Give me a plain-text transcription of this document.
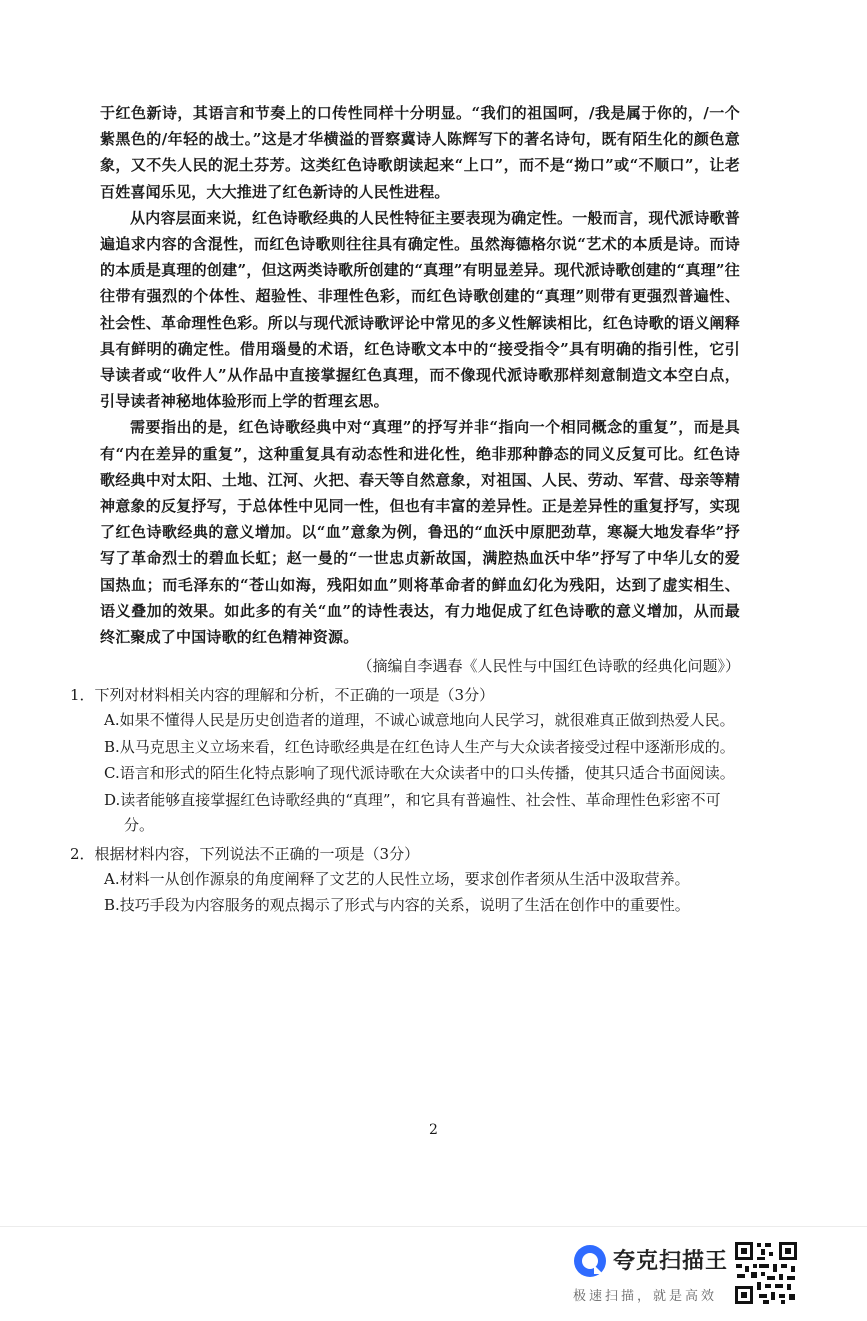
于红色新诗，其语言和节奏上的口传性同样十分明显。“我们的祖国呵，/我是属于你的，/一个紫黑色的/年轻的战士。”这是才华横溢的晋察冀诗人陈辉写下的著名诗句，既有陌生化的颜色意象，又不失人民的泥土芬芳。这类红色诗歌朗读起来“上口”，而不是“拗口”或“不顺口”，让老百姓喜闻乐见，大大推进了红色新诗的人民性进程。

从内容层面来说，红色诗歌经典的人民性特征主要表现为确定性。一般而言，现代派诗歌普遍追求内容的含混性，而红色诗歌则往往具有确定性。虽然海德格尔说“艺术的本质是诗。而诗的本质是真理的创建”，但这两类诗歌所创建的“真理”有明显差异。现代派诗歌创建的“真理”往往带有强烈的个体性、超验性、非理性色彩，而红色诗歌创建的“真理”则带有更强烈普遍性、社会性、革命理性色彩。所以与现代派诗歌评论中常见的多义性解读相比，红色诗歌的语义阐释具有鲜明的确定性。借用瑙曼的术语，红色诗歌文本中的“接受指令”具有明确的指引性，它引导读者或“收件人”从作品中直接掌握红色真理，而不像现代派诗歌那样刻意制造文本空白点，引导读者神秘地体验形而上学的哲理玄思。

需要指出的是，红色诗歌经典中对“真理”的抒写并非“指向一个相同概念的重复”，而是具有“内在差异的重复”，这种重复具有动态性和进化性，绝非那种静态的同义反复可比。红色诗歌经典中对太阳、土地、江河、火把、春天等自然意象，对祖国、人民、劳动、军营、母亲等精神意象的反复抒写，于总体性中见同一性，但也有丰富的差异性。正是差异性的重复抒写，实现了红色诗歌经典的意义增加。以“血”意象为例，鲁迅的“血沃中原肥劲草，寒凝大地发春华”抒写了革命烈士的碧血长虹；赵一曼的“一世忠贞新故国，满腔热血沃中华”抒写了中华儿女的爱国热血；而毛泽东的“苍山如海，残阳如血”则将革命者的鲜血幻化为残阳，达到了虚实相生、语义叠加的效果。如此多的有关“血”的诗性表达，有力地促成了红色诗歌的意义增加，从而最终汇聚成了中国诗歌的红色精神资源。

（摘编自李遇春《人民性与中国红色诗歌的经典化问题》）

1．下列对材料相关内容的理解和分析，不正确的一项是（3分）

A.如果不懂得人民是历史创造者的道理，不诚心诚意地向人民学习，就很难真正做到热爱人民。

B.从马克思主义立场来看，红色诗歌经典是在红色诗人生产与大众读者接受过程中逐渐形成的。

C.语言和形式的陌生化特点影响了现代派诗歌在大众读者中的口头传播，使其只适合书面阅读。

D.读者能够直接掌握红色诗歌经典的“真理”，和它具有普遍性、社会性、革命理性色彩密不可分。

2．根据材料内容，下列说法不正确的一项是（3分）

A.材料一从创作源泉的角度阐释了文艺的人民性立场，要求创作者须从生活中汲取营养。

B.技巧手段为内容服务的观点揭示了形式与内容的关系，说明了生活在创作中的重要性。

2
夸克扫描王
极速扫描，就是高效
